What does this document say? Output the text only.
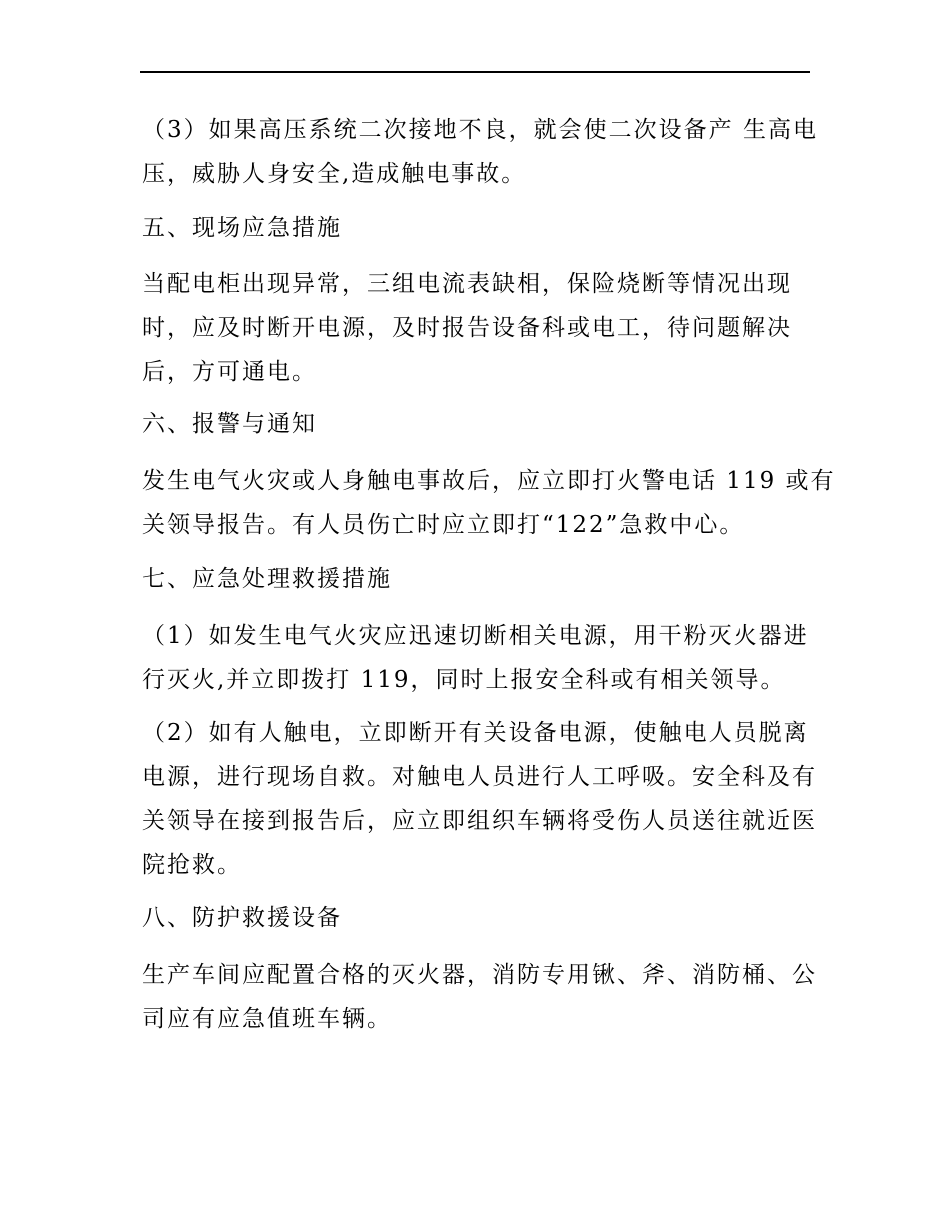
（3）如果高压系统二次接地不良，就会使二次设备产 生高电
压，威胁人身安全,造成触电事故。
五、现场应急措施
当配电柜出现异常，三组电流表缺相，保险烧断等情况出现
时，应及时断开电源，及时报告设备科或电工，待问题解决
后，方可通电。
六、报警与通知
发生电气火灾或人身触电事故后，应立即打火警电话 119 或有
关领导报告。有人员伤亡时应立即打“122”急救中心。
七、应急处理救援措施
（1）如发生电气火灾应迅速切断相关电源，用干粉灭火器进
行灭火,并立即拨打 119，同时上报安全科或有相关领导。
（2）如有人触电，立即断开有关设备电源，使触电人员脱离
电源，进行现场自救。对触电人员进行人工呼吸。安全科及有
关领导在接到报告后，应立即组织车辆将受伤人员送往就近医
院抢救。
八、防护救援设备
生产车间应配置合格的灭火器，消防专用锹、斧、消防桶、公
司应有应急值班车辆。
